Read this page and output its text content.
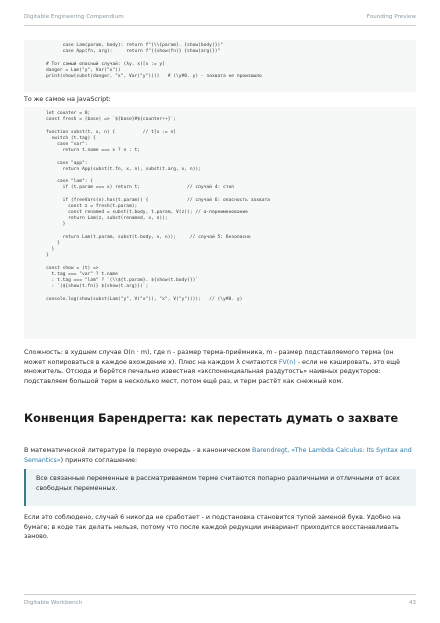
Digitable Engineering Compendium	Founding Preview
case Lam(param, body): return f"(\\{param}. {show(body)})"
case App(fn, arg):     return f"({show(fn)} {show(arg)})"

# Тот самый опасный случай: (λy. x)[x := y]
danger = Lam("y", Var("x"))
print(show(subst(danger, "x", Var("y"))))   # (\y#0. y) - захвата не произошло
То же самое на JavaScript:
let counter = 0;
const fresh = (base) => `${base}#${counter++}`;

function subst(t, x, n) {          // t[x := n]
switch (t.tag) {
case "var":
return t.name === x ? n : t;

case "app":
return App(subst(t.fn, x, n), subst(t.arg, x, n));

case "lam": {
if (t.param === x) return t;                 // случай 4: стоп

if (freeVars(n).has(t.param)) {              // случай 6: опасность захвата
const z = fresh(t.param);
const renamed = subst(t.body, t.param, V(z)); // α-переименование
return Lam(z, subst(renamed, x, n));
}

return Lam(t.param, subst(t.body, x, n));     // случай 5: безопасно
}
}
}

const show = (t) =>
t.tag === "var" ? t.name
: t.tag === "lam" ? `(\\${t.param}. ${show(t.body)})`
: `(${show(t.fn)} ${show(t.arg)})`;

console.log(show(subst(Lam("y", V("x")), "x", V("y"))));   // (\y#0. y)
Сложность: в худшем случае O(n · m), где n - размер терма-приёмника, m - размер подставляемого терма (он может копироваться в каждое вхождение x). Плюс на каждом λ считаются FV(n) - если не кэшировать, это ещё множитель. Отсюда и берётся печально известная «экспоненциальная раздутость» наивных редукторов: подставляем большой терм в несколько мест, потом ещё раз, и терм растёт как снежный ком.
Конвенция Барендрегта: как перестать думать о захвате
В математической литературе (в первую очередь - в каноническом Barendregt, «The Lambda Calculus: Its Syntax and Semantics») принято соглашение:
Все связанные переменные в рассматриваемом терме считаются попарно различными и отличными от всех свободных переменных.
Если это соблюдено, случай 6 никогда не сработает - и подстановка становится тупой заменой букв. Удобно на бумаге; в коде так делать нельзя, потому что после каждой редукции инвариант приходится восстанавливать заново.
Digitable Workbench	43
